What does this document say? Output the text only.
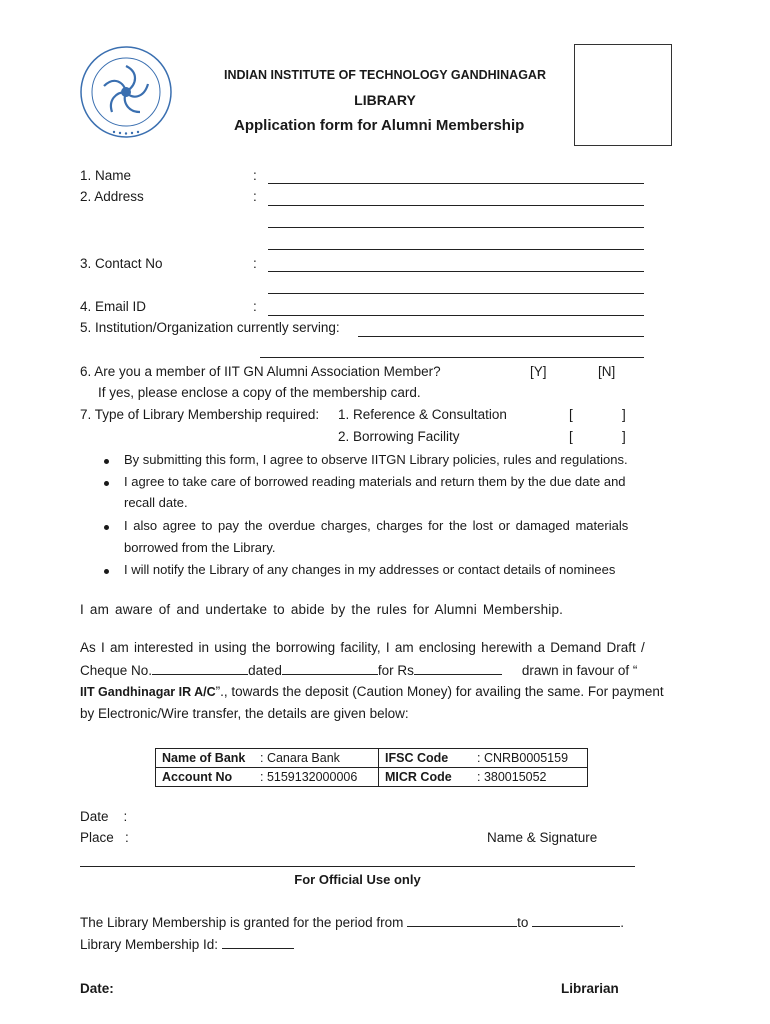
INDIAN INSTITUTE OF TECHNOLOGY GANDHINAGAR
LIBRARY
Application form for Alumni Membership
1. Name	:
2. Address	:
3. Contact No	:
4. Email ID	:
5. Institution/Organization currently serving:
6. Are you a member of IIT GN Alumni Association Member?	[Y]	[N]
If yes, please enclose a copy of the membership card.
7. Type of Library Membership required: 1. Reference & Consultation	[	]
2. Borrowing Facility	[	]
By submitting this form, I agree to observe IITGN Library policies, rules and regulations.
I agree to take care of borrowed reading materials and return them by the due date and
recall date.
I also agree to pay the overdue charges, charges for the lost or damaged materials
borrowed from the Library.
I will notify the Library of any changes in my addresses or contact details of nominees
I am aware of and undertake to abide by the rules for Alumni Membership.
As I am interested in using the borrowing facility, I am enclosing herewith a Demand Draft /
Cheque No.	dated	for Rs	drawn in favour of “
IIT Gandhinagar IR A/C”., towards the deposit (Caution Money) for availing the same. For payment
by Electronic/Wire transfer, the details are given below:
Name of Bank	: Canara Bank	IFSC Code	: CNRB0005159
Account No	: 5159132000006	MICR Code	: 380015052
Date    :
Place   :	Name & Signature
For Official Use only
The Library Membership is granted for the period from	to	.
Library Membership Id:
Date:	Librarian
